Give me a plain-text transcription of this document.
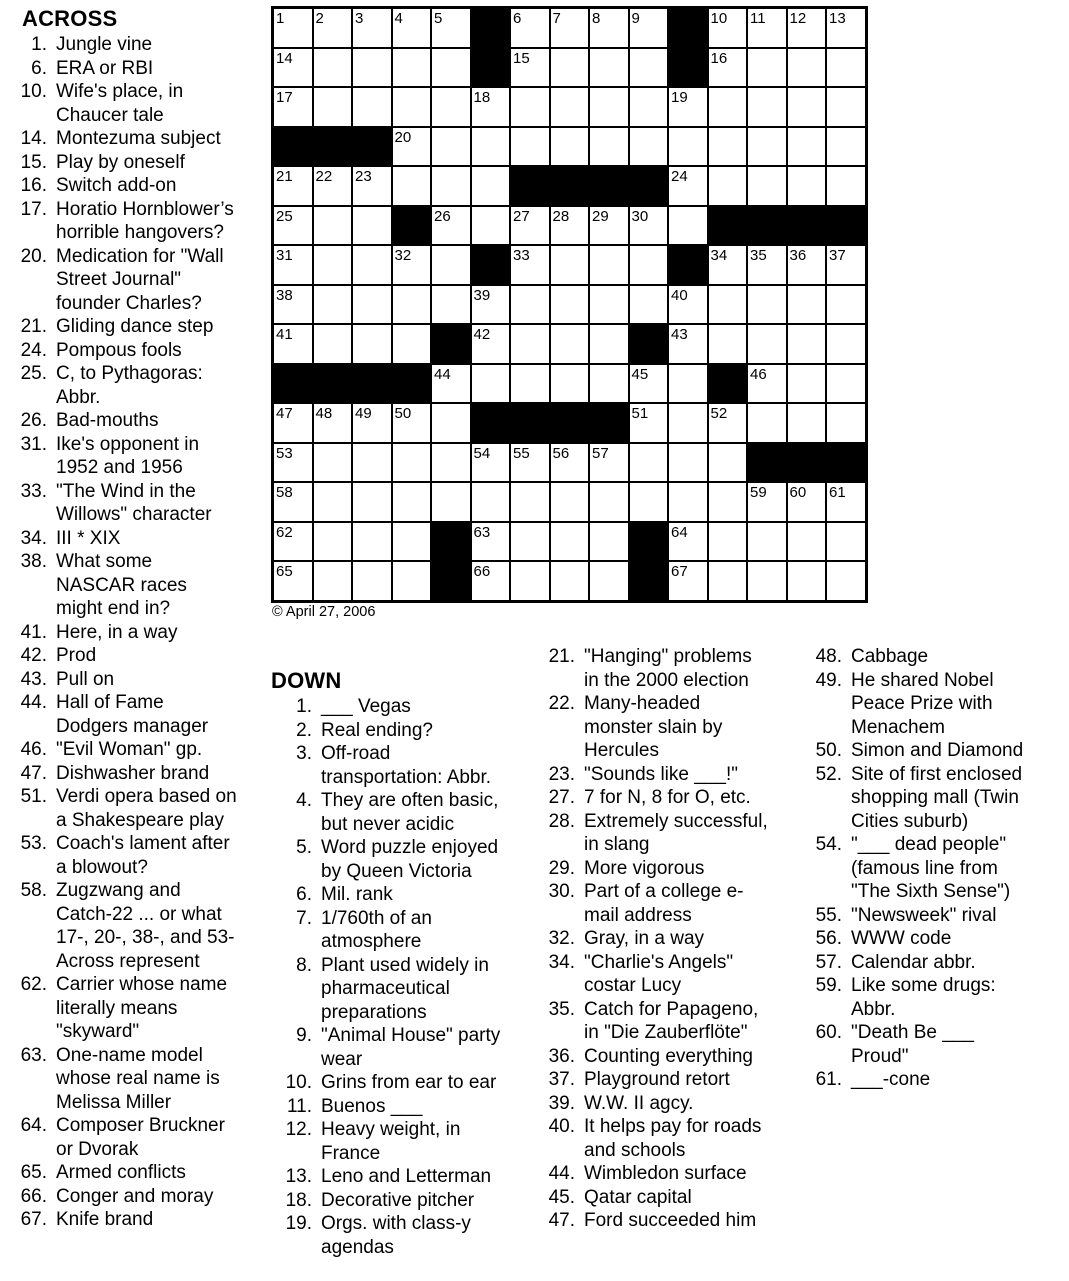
ACROSS
1. Jungle vine
6. ERA or RBI
10. Wife's place, in
Chaucer tale
14. Montezuma subject
15. Play by oneself
16. Switch add-on
17. Horatio Hornblower’s
horrible hangovers?
20. Medication for "Wall
Street Journal"
founder Charles?
21. Gliding dance step
24. Pompous fools
25. C, to Pythagoras:
Abbr.
26. Bad-mouths
31. Ike's opponent in
1952 and 1956
33. "The Wind in the
Willows" character
34. III * XIX
38. What some
NASCAR races
might end in?
41. Here, in a way
42. Prod
43. Pull on
44. Hall of Fame
Dodgers manager
46. "Evil Woman" gp.
47. Dishwasher brand
51. Verdi opera based on
a Shakespeare play
53. Coach's lament after
a blowout?
58. Zugzwang and
Catch-22 ... or what
17-, 20-, 38-, and 53-
Across represent
62. Carrier whose name
literally means
"skyward"
63. One-name model
whose real name is
Melissa Miller
64. Composer Bruckner
or Dvorak
65. Armed conflicts
66. Conger and moray
67. Knife brand
1 2 3 4 5	6 7 8 9	10 11 12 13
14	15	16
17	18	19
20
21 22 23	24
25	26	27 28 29 30
31	32	33	34 35 36 37
38	39	40
41	42	43
44	45	46
47 48 49 50	51	52
53	54 55 56 57
58	59 60 61
62	63	64
65	66	67
© April 27, 2006
DOWN
1. ___ Vegas
2. Real ending?
3. Off-road
transportation: Abbr.
4. They are often basic,
but never acidic
5. Word puzzle enjoyed
by Queen Victoria
6. Mil. rank
7. 1/760th of an
atmosphere
8. Plant used widely in
pharmaceutical
preparations
9. "Animal House" party
wear
10. Grins from ear to ear
11. Buenos ___
12. Heavy weight, in
France
13. Leno and Letterman
18. Decorative pitcher
19. Orgs. with class-y
agendas
21. "Hanging" problems
in the 2000 election
22. Many-headed
monster slain by
Hercules
23. "Sounds like ___!"
27. 7 for N, 8 for O, etc.
28. Extremely successful,
in slang
29. More vigorous
30. Part of a college e-
mail address
32. Gray, in a way
34. "Charlie's Angels"
costar Lucy
35. Catch for Papageno,
in "Die Zauberflöte"
36. Counting everything
37. Playground retort
39. W.W. II agcy.
40. It helps pay for roads
and schools
44. Wimbledon surface
45. Qatar capital
47. Ford succeeded him
48. Cabbage
49. He shared Nobel
Peace Prize with
Menachem
50. Simon and Diamond
52. Site of first enclosed
shopping mall (Twin
Cities suburb)
54. "___ dead people"
(famous line from
"The Sixth Sense")
55. "Newsweek" rival
56. WWW code
57. Calendar abbr.
59. Like some drugs:
Abbr.
60. "Death Be ___
Proud"
61. ___-cone
